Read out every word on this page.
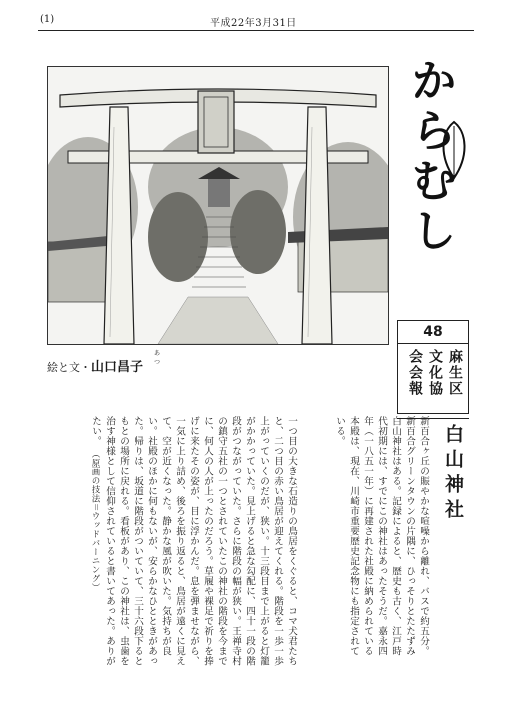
(1)	平成22年3月31日
か
ら
む
し
絵と文・山口昌子
あつ
48
麻生区
文化協
会会報
白山神社
新百合ヶ丘の賑やかな喧噪から離れ、バスで約五分。新百合グリーンタウンの片隅に、ひっそりとたたずみ白山神社はある。記録によると、歴史も古く、江戸時代初期には、すでにこの神社はあったそうだ。嘉永四年（一八五一年）に再建された社殿に納められている本殿は、現在、川崎市重要歴史記念物にも指定されている。
一つ目の大きな石造りの鳥居をくぐると、コマ犬君たちと、二つ目の赤い鳥居が迎えてくれる。階段を一歩一歩上がっていくのだが、狭い。十三段目まで上がると灯籠がかかっていた。見上げると急な勾配に、四十一段の階段がつながっていた。さらに階段の幅が狭い。王禅寺村の鎮守五社の一つとされていたこの神社の階段を今までに、何人の人が上ったのだろう。草履や裸足で祈りを捧げに来たその姿が、目に浮かんだ。息を弾ませながら、一気に上り詰め、後ろを振り返ると、鳥居が遠くに見えて、空が近くなった。静かな風が吹いた。気持ちが良い。社殿のほかに何もないが、安らかなひとときがあった。帰りは、坂道に階段がついていて、三十六段下るともとの場所に戻れる。看板があり、この神社は、虫歯を治す神様として信仰されていると書いてあった。ありがたい。 （原画の技法＝ウッドバーニング）
